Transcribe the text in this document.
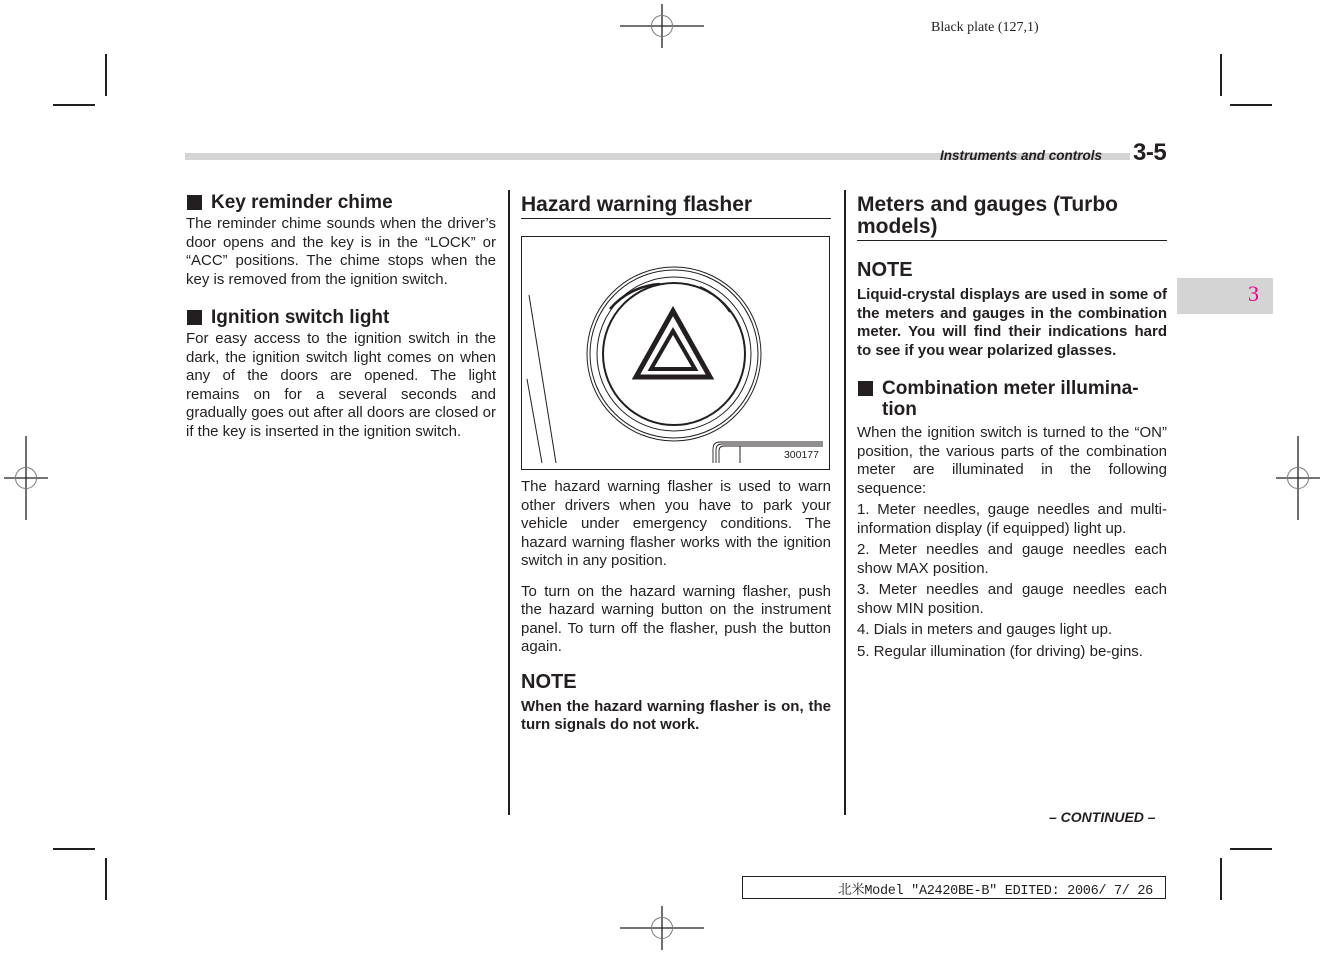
Black plate (127,1)
Instruments and controls 3-5
3
Key reminder chime

The reminder chime sounds when the driver’s door opens and the key is in the “LOCK” or “ACC” positions. The chime stops when the key is removed from the ignition switch.

Ignition switch light

For easy access to the ignition switch in the dark, the ignition switch light comes on when any of the doors are opened. The light remains on for a several seconds and gradually goes out after all doors are closed or if the key is inserted in the ignition switch.

Hazard warning flasher
300177

The hazard warning flasher is used to warn other drivers when you have to park your vehicle under emergency conditions. The hazard warning flasher works with the ignition switch in any position.

To turn on the hazard warning flasher, push the hazard warning button on the instrument panel. To turn off the flasher, push the button again.

NOTE

When the hazard warning flasher is on, the turn signals do not work.

Meters and gauges (Turbo models)
NOTE

Liquid-crystal displays are used in some of the meters and gauges in the combination meter. You will find their indications hard to see if you wear polarized glasses.

Combination meter illumina-tion

When the ignition switch is turned to the “ON” position, the various parts of the combination meter are illuminated in the following sequence:

1. Meter needles, gauge needles and multi-information display (if equipped) light up.

2. Meter needles and gauge needles each show MAX position.

3. Meter needles and gauge needles each show MIN position.

4. Dials in meters and gauges light up.

5. Regular illumination (for driving) be-gins.

– CONTINUED –
北米Model "A2420BE-B" EDITED: 2006/ 7/ 26
